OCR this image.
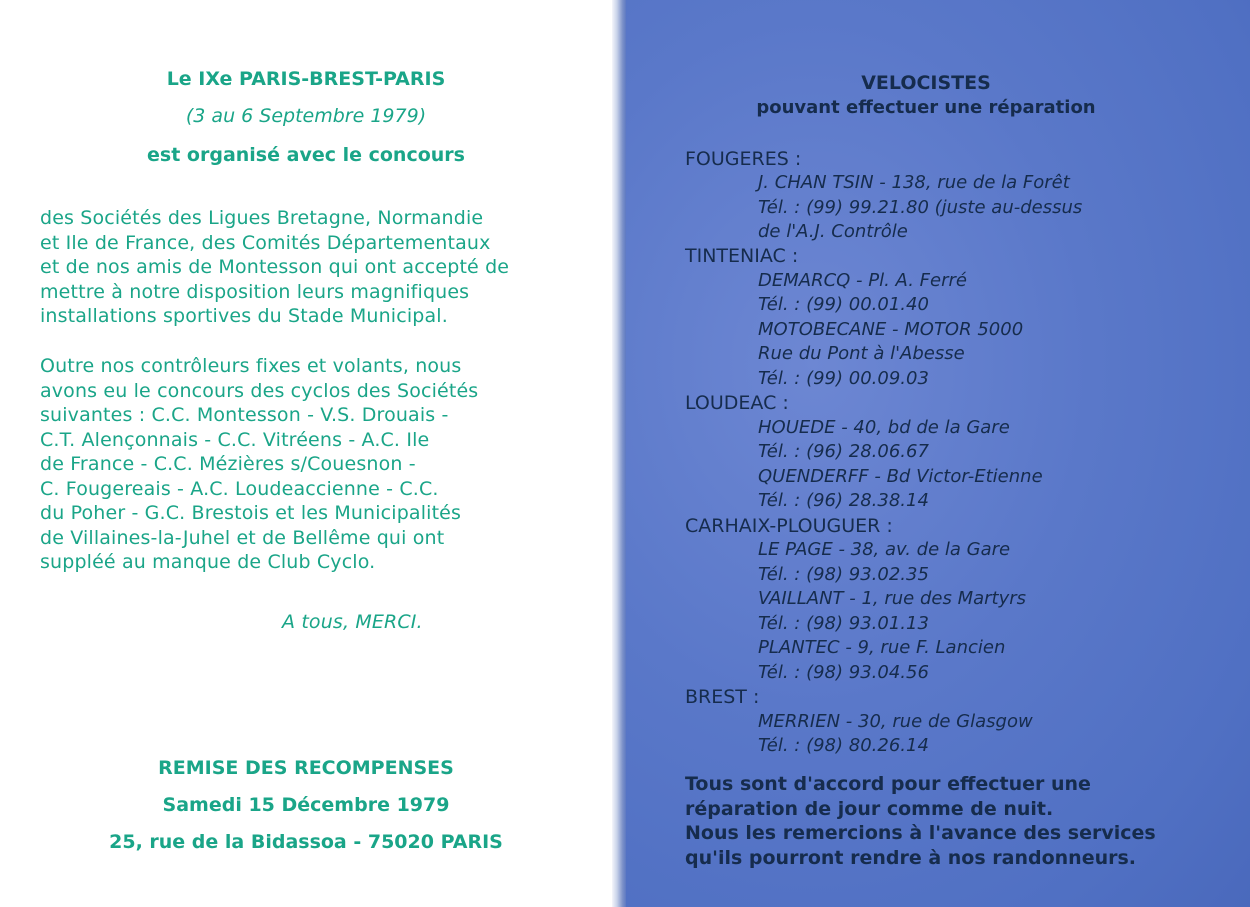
Le IXe PARIS-BREST-PARIS

(3 au 6 Septembre 1979)

est organisé avec le concours

des Sociétés des Ligues Bretagne, Normandie

et Ile de France, des Comités Départementaux

et de nos amis de Montesson qui ont accepté de

mettre à notre disposition leurs magnifiques

installations sportives du Stade Municipal.

Outre nos contrôleurs fixes et volants, nous

avons eu le concours des cyclos des Sociétés

suivantes : C.C. Montesson - V.S. Drouais -

C.T. Alençonnais - C.C. Vitréens - A.C. Ile

de France - C.C. Mézières s/Couesnon -

C. Fougereais - A.C. Loudeaccienne - C.C.

du Poher - G.C. Brestois et les Municipalités

de Villaines-la-Juhel et de Bellême qui ont

suppléé au manque de Club Cyclo.

A tous, MERCI.

REMISE DES RECOMPENSES

Samedi 15 Décembre 1979

25, rue de la Bidassoa - 75020 PARIS

VELOCISTES

pouvant effectuer une réparation

FOUGERES :

J. CHAN TSIN - 138, rue de la Forêt

Tél. : (99) 99.21.80 (juste au-dessus

de l'A.J. Contrôle

TINTENIAC :

DEMARCQ - Pl. A. Ferré

Tél. : (99) 00.01.40

MOTOBECANE - MOTOR 5000

Rue du Pont à l'Abesse

Tél. : (99) 00.09.03

LOUDEAC :

HOUEDE - 40, bd de la Gare

Tél. : (96) 28.06.67

QUENDERFF - Bd Victor-Etienne

Tél. : (96) 28.38.14

CARHAIX-PLOUGUER :

LE PAGE - 38, av. de la Gare

Tél. : (98) 93.02.35

VAILLANT - 1, rue des Martyrs

Tél. : (98) 93.01.13

PLANTEC - 9, rue F. Lancien

Tél. : (98) 93.04.56

BREST :

MERRIEN - 30, rue de Glasgow

Tél. : (98) 80.26.14

Tous sont d'accord pour effectuer une

réparation de jour comme de nuit.

Nous les remercions à l'avance des services

qu'ils pourront rendre à nos randonneurs.
